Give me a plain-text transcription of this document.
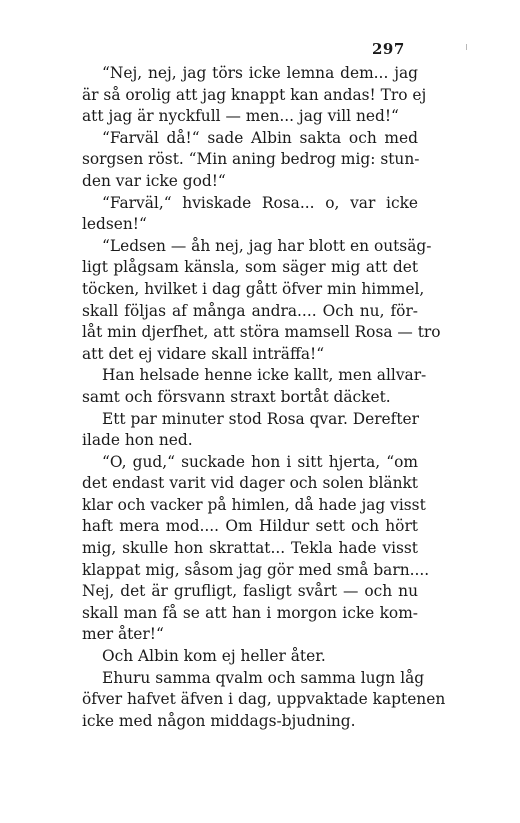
297
“Nej, nej, jag törs icke lemna dem... jag
är så orolig att jag knappt kan andas! Tro ej
att jag är nyckfull — men... jag vill ned!“
“Farväl då!“ sade Albin sakta och med
sorgsen röst. “Min aning bedrog mig: stun-
den var icke god!“
“Farväl,“ hviskade Rosa... o, var icke
ledsen!“
“Ledsen — åh nej, jag har blott en outsäg-
ligt plågsam känsla, som säger mig att det
töcken, hvilket i dag gått öfver min himmel,
skall följas af många andra.... Och nu, för-
låt min djerfhet, att störa mamsell Rosa — tro
att det ej vidare skall inträffa!“
Han helsade henne icke kallt, men allvar-
samt och försvann straxt bortåt däcket.
Ett par minuter stod Rosa qvar. Derefter
ilade hon ned.
“O, gud,“ suckade hon i sitt hjerta, “om
det endast varit vid dager och solen blänkt
klar och vacker på himlen, då hade jag visst
haft mera mod.... Om Hildur sett och hört
mig, skulle hon skrattat... Tekla hade visst
klappat mig, såsom jag gör med små barn....
Nej, det är grufligt, fasligt svårt — och nu
skall man få se att han i morgon icke kom-
mer åter!“
Och Albin kom ej heller åter.
Ehuru samma qvalm och samma lugn låg
öfver hafvet äfven i dag, uppvaktade kaptenen
icke med någon middags-bjudning.
